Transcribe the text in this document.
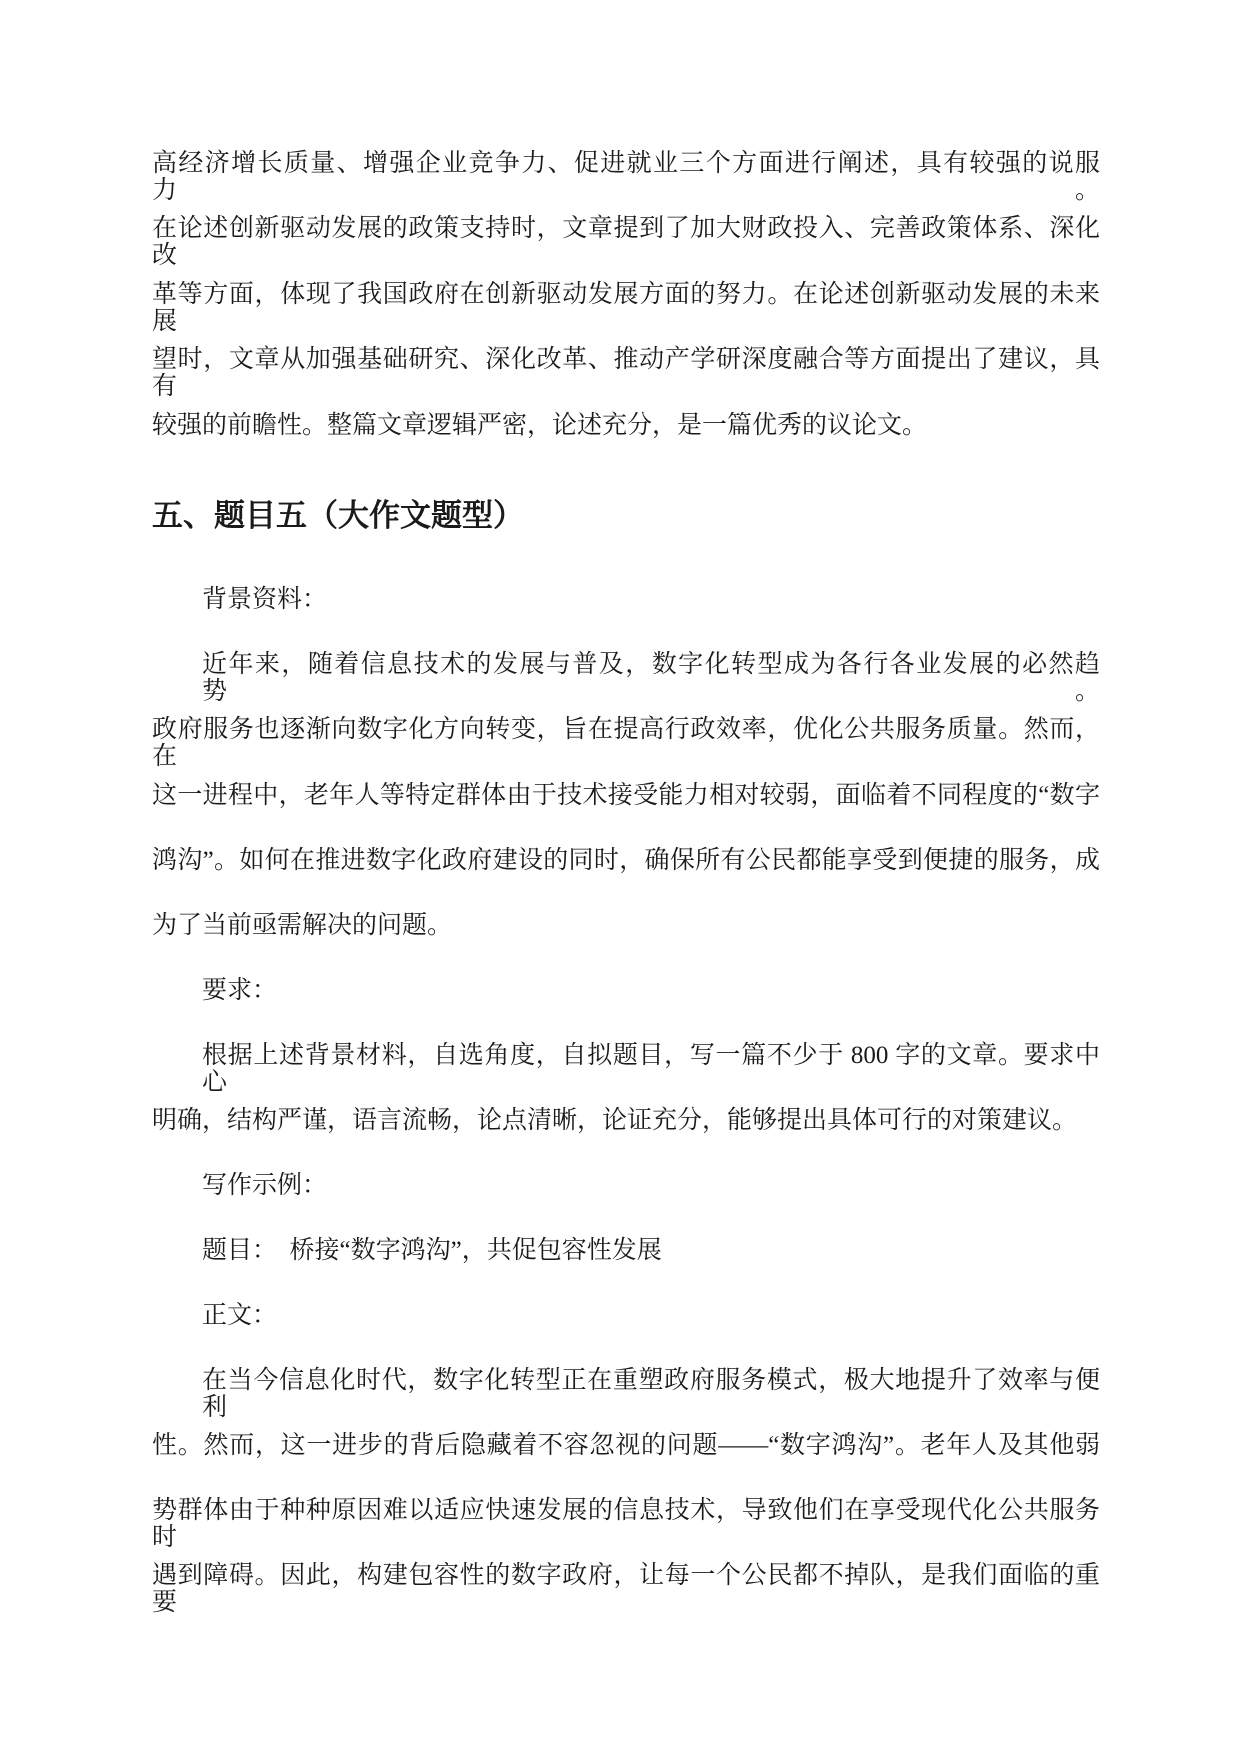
高经济增长质量、增强企业竞争力、促进就业三个方面进行阐述，具有较强的说服力。
在论述创新驱动发展的政策支持时，文章提到了加大财政投入、完善政策体系、深化改
革等方面，体现了我国政府在创新驱动发展方面的努力。在论述创新驱动发展的未来展
望时，文章从加强基础研究、深化改革、推动产学研深度融合等方面提出了建议，具有
较强的前瞻性。整篇文章逻辑严密，论述充分，是一篇优秀的议论文。
五、题目五（大作文题型）
背景资料：
近年来，随着信息技术的发展与普及，数字化转型成为各行各业发展的必然趋势。
政府服务也逐渐向数字化方向转变，旨在提高行政效率，优化公共服务质量。然而，在
这一进程中，老年人等特定群体由于技术接受能力相对较弱，面临着不同程度的“数字
鸿沟”。如何在推进数字化政府建设的同时，确保所有公民都能享受到便捷的服务，成
为了当前亟需解决的问题。
要求：
根据上述背景材料，自选角度，自拟题目，写一篇不少于 800 字的文章。要求中心
明确，结构严谨，语言流畅，论点清晰，论证充分，能够提出具体可行的对策建议。
写作示例：
题目：　桥接“数字鸿沟”，共促包容性发展
正文：
在当今信息化时代，数字化转型正在重塑政府服务模式，极大地提升了效率与便利
性。然而，这一进步的背后隐藏着不容忽视的问题——“数字鸿沟”。老年人及其他弱
势群体由于种种原因难以适应快速发展的信息技术，导致他们在享受现代化公共服务时
遇到障碍。因此，构建包容性的数字政府，让每一个公民都不掉队，是我们面临的重要
